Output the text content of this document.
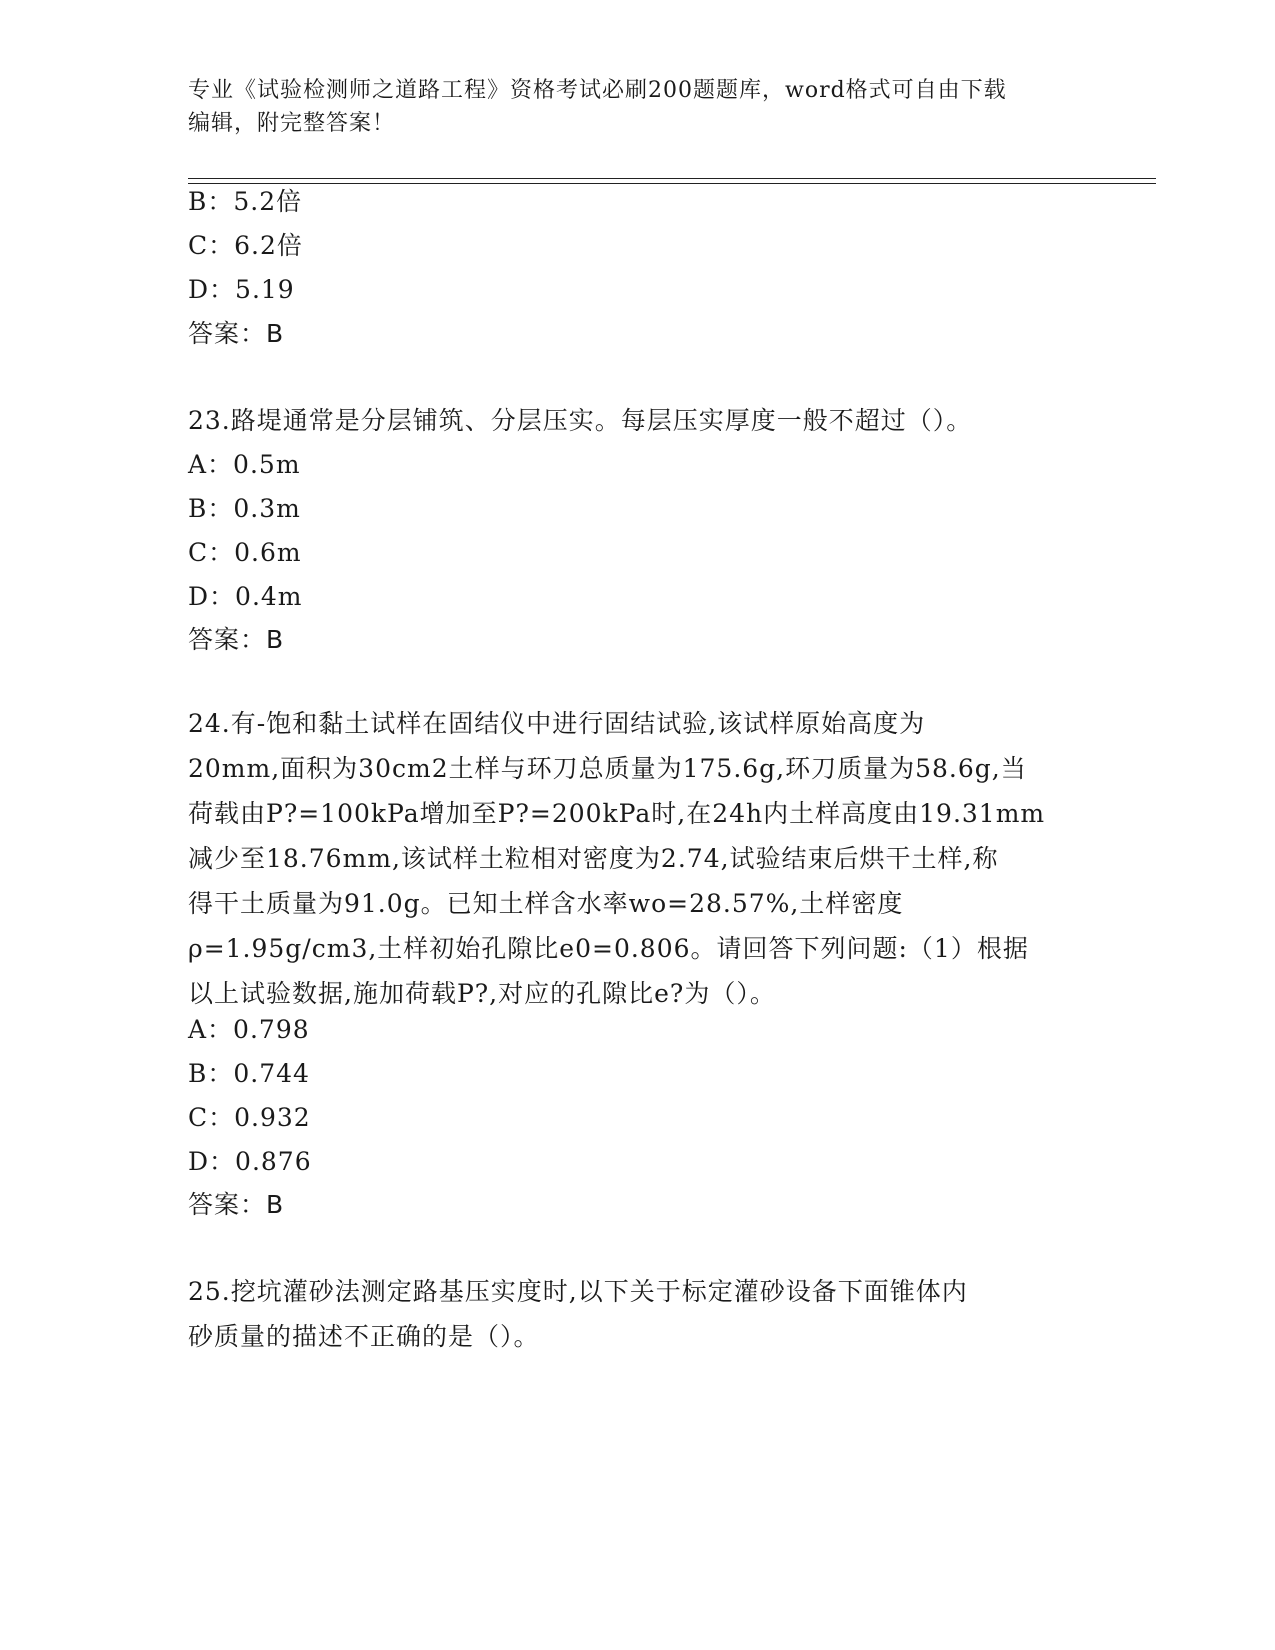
专业《试验检测师之道路工程》资格考试必刷200题题库，word格式可自由下载
编辑，附完整答案！
B：5.2倍
C：6.2倍
D：5.19
答案：B
23.路堤通常是分层铺筑、分层压实。每层压实厚度一般不超过（）。
A：0.5m
B：0.3m
C：0.6m
D：0.4m
答案：B
24.有-饱和黏土试样在固结仪中进行固结试验,该试样原始高度为
20mm,面积为30cm2土样与环刀总质量为175.6g,环刀质量为58.6g,当
荷载由P?=100kPa增加至P?=200kPa时,在24h内土样高度由19.31mm
减少至18.76mm,该试样土粒相对密度为2.74,试验结束后烘干土样,称
得干土质量为91.0g。已知土样含水率wo=28.57%,土样密度
ρ=1.95g/cm3,土样初始孔隙比e0=0.806。请回答下列问题:（1）根据
以上试验数据,施加荷载P?,对应的孔隙比e?为（）。
A：0.798
B：0.744
C：0.932
D：0.876
答案：B
25.挖坑灌砂法测定路基压实度时,以下关于标定灌砂设备下面锥体内
砂质量的描述不正确的是（）。
